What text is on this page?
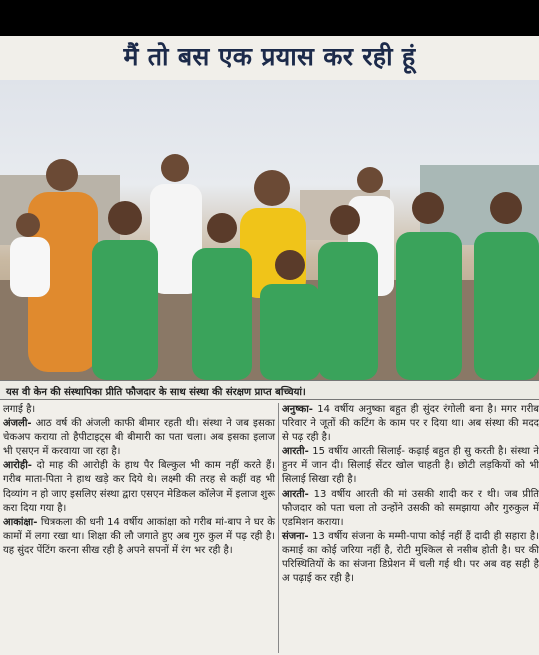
मैं तो बस एक प्रयास कर रही हूं
यस वी केन की संस्थापिका प्रीति फौजदार के साथ संस्था की संरक्षण प्राप्त बच्चियां।

लगाई है।

अंजली- आठ वर्ष की अंजली काफी बीमार रहती थी। संस्था ने जब इसका चेकअप कराया तो हैपीटाइट्स बी बीमारी का पता चला। अब इसका इलाज भी एसएन में करवाया जा रहा है।

आरोही- दो माह की आरोही के हाथ पैर बिल्कुल भी काम नहीं करते हैं। गरीब माता-पिता ने हाथ खड़े कर दिये थे। लक्ष्मी की तरह से कहीं वह भी दिव्यांग न हो जाए इसलिए संस्था द्वारा एसएन मेडिकल कॉलेज में इलाज शुरू करा दिया गया है।

आकांक्षा- चित्रकला की धनी 14 वर्षीय आकांक्षा को गरीब मां-बाप ने घर के कामों में लगा रखा था। शिक्षा की लौ जगाते हुए अब गुरु कुल में पढ़ रही है। यह सुंदर पेंटिंग करना सीख रही है अपने सपनों में रंग भर रही है।

अनुष्का- 14 वर्षीय अनुष्का बहुत ही सुंदर रंगोली बना है। मगर गरीब परिवार ने जूतों की कटिंग के काम पर र दिया था। अब संस्था की मदद से पढ़ रही है।

आरती- 15 वर्षीय आरती सिलाई- कढ़ाई बहुत ही सु करती है। संस्था ने हुनर में जान दी। सिलाई सेंटर खोल चाहती है। छोटी लड़कियों को भी सिलाई सिखा रही है।

आरती- 13 वर्षीय आरती की मां उसकी शादी कर र थी। जब प्रीति फौजदार को पता चला तो उन्होंने उसकी को समझाया और गुरुकुल में एडमिशन कराया।

संजना- 13 वर्षीय संजना के मम्मी-पापा कोई नहीं हैं दादी ही सहारा है। कमाई का कोई जरिया नहीं है, रोटी मुश्किल से नसीब होती है। घर की परिस्थितियों के का संजना डिप्रेशन में चली गई थी। पर अब वह सही है अ पढ़ाई कर रही है।
